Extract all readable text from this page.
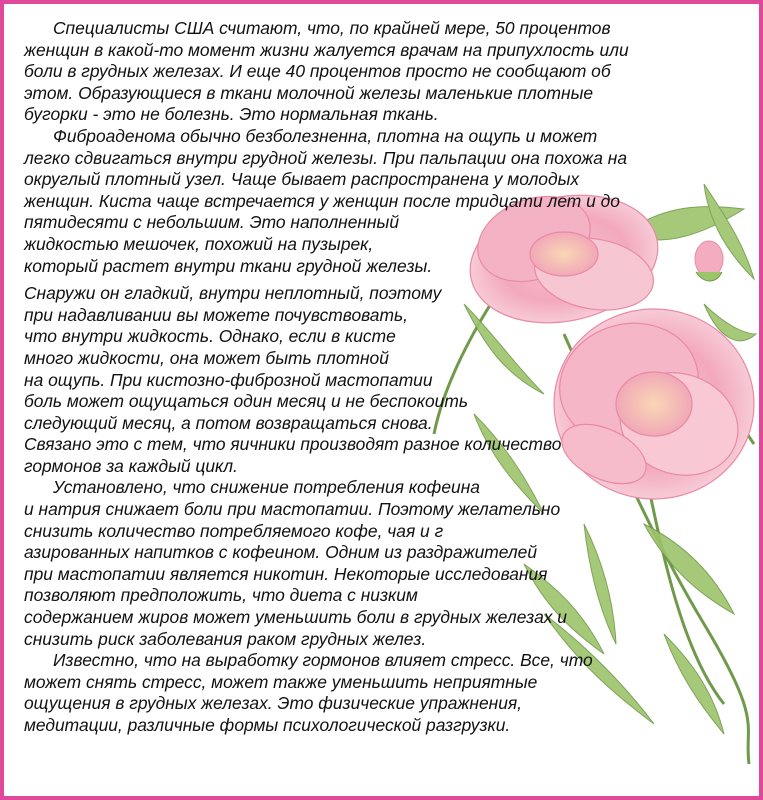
Специалисты США считают, что, по крайней мере, 50 процентов
женщин в какой-то момент жизни жалуется врачам на припухлость или
боли в грудных железах. И еще 40 процентов просто не сообщают об
этом. Образующиеся в ткани молочной железы маленькие плотные
бугорки - это не болезнь. Это нормальная ткань.
Фиброаденома обычно безболезненна, плотна на ощупь и может
легко сдвигаться внутри грудной железы. При пальпации она похожа на
округлый плотный узел. Чаще бывает распространена у молодых
женщин. Киста чаще встречается у женщин после тридцати лет и до
пятидесяти с небольшим. Это наполненный
жидкостью мешочек, похожий на пузырек,
который растет внутри ткани грудной железы.
Снаружи он гладкий, внутри неплотный, поэтому
при надавливании вы можете почувствовать,
что внутри жидкость. Однако, если в кисте
много жидкости, она может быть плотной
на ощупь. При кистозно-фиброзной мастопатии
боль может ощущаться один месяц и не беспокоить
следующий месяц, а потом возвращаться снова.
Связано это с тем, что яичники производят разное количество
гормонов за каждый цикл.
Установлено, что снижение потребления кофеина
и натрия снижает боли при мастопатии. Поэтому желательно
снизить количество потребляемого кофе, чая и г
азированных напитков с кофеином. Одним из раздражителей
при мастопатии является никотин. Некоторые исследования
позволяют предположить, что диета с низким
содержанием жиров может уменьшить боли в грудных железах и
снизить риск заболевания раком грудных желез.
Известно, что на выработку гормонов влияет стресс. Все, что
может снять стресс, может также уменьшить неприятные
ощущения в грудных железах. Это физические упражнения,
медитации, различные формы психологической разгрузки.
